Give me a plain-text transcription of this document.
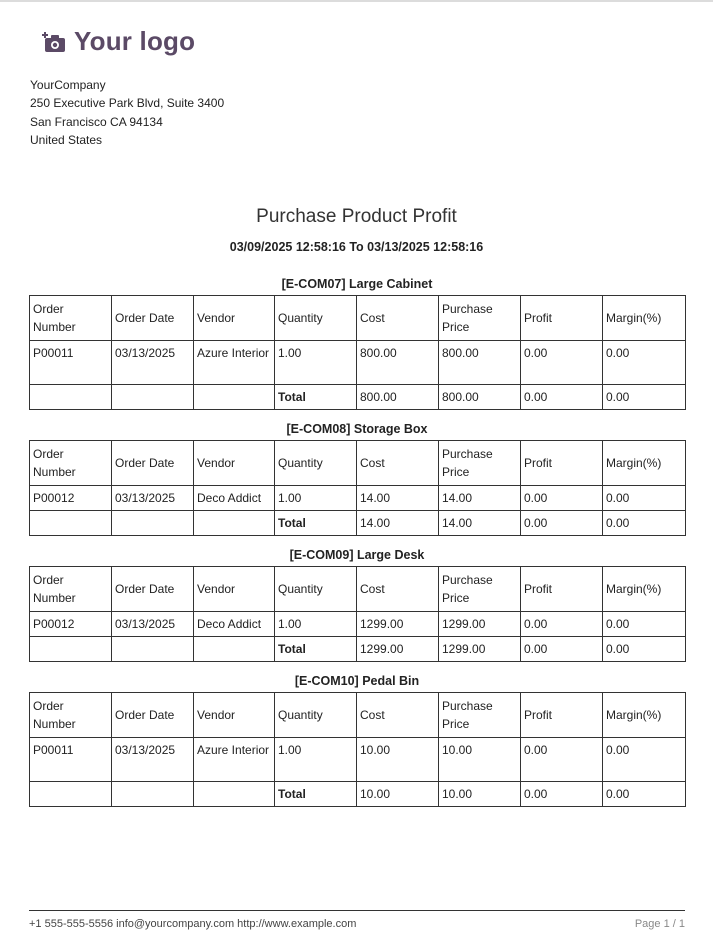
Your logo
YourCompany
250 Executive Park Blvd, Suite 3400
San Francisco CA 94134
United States
Purchase Product Profit
03/09/2025 12:58:16 To 03/13/2025 12:58:16
[E-COM07] Large Cabinet
Order Number	Order Date	Vendor	Quantity	Cost	Purchase Price	Profit	Margin(%)
P00011	03/13/2025	Azure Interior	1.00	800.00	800.00	0.00	0.00
			Total	800.00	800.00	0.00	0.00
[E-COM08] Storage Box
Order Number	Order Date	Vendor	Quantity	Cost	Purchase Price	Profit	Margin(%)
P00012	03/13/2025	Deco Addict	1.00	14.00	14.00	0.00	0.00
			Total	14.00	14.00	0.00	0.00
[E-COM09] Large Desk
Order Number	Order Date	Vendor	Quantity	Cost	Purchase Price	Profit	Margin(%)
P00012	03/13/2025	Deco Addict	1.00	1299.00	1299.00	0.00	0.00
			Total	1299.00	1299.00	0.00	0.00
[E-COM10] Pedal Bin
Order Number	Order Date	Vendor	Quantity	Cost	Purchase Price	Profit	Margin(%)
P00011	03/13/2025	Azure Interior	1.00	10.00	10.00	0.00	0.00
			Total	10.00	10.00	0.00	0.00
+1 555-555-5556 info@yourcompany.com http://www.example.com	Page 1 / 1
